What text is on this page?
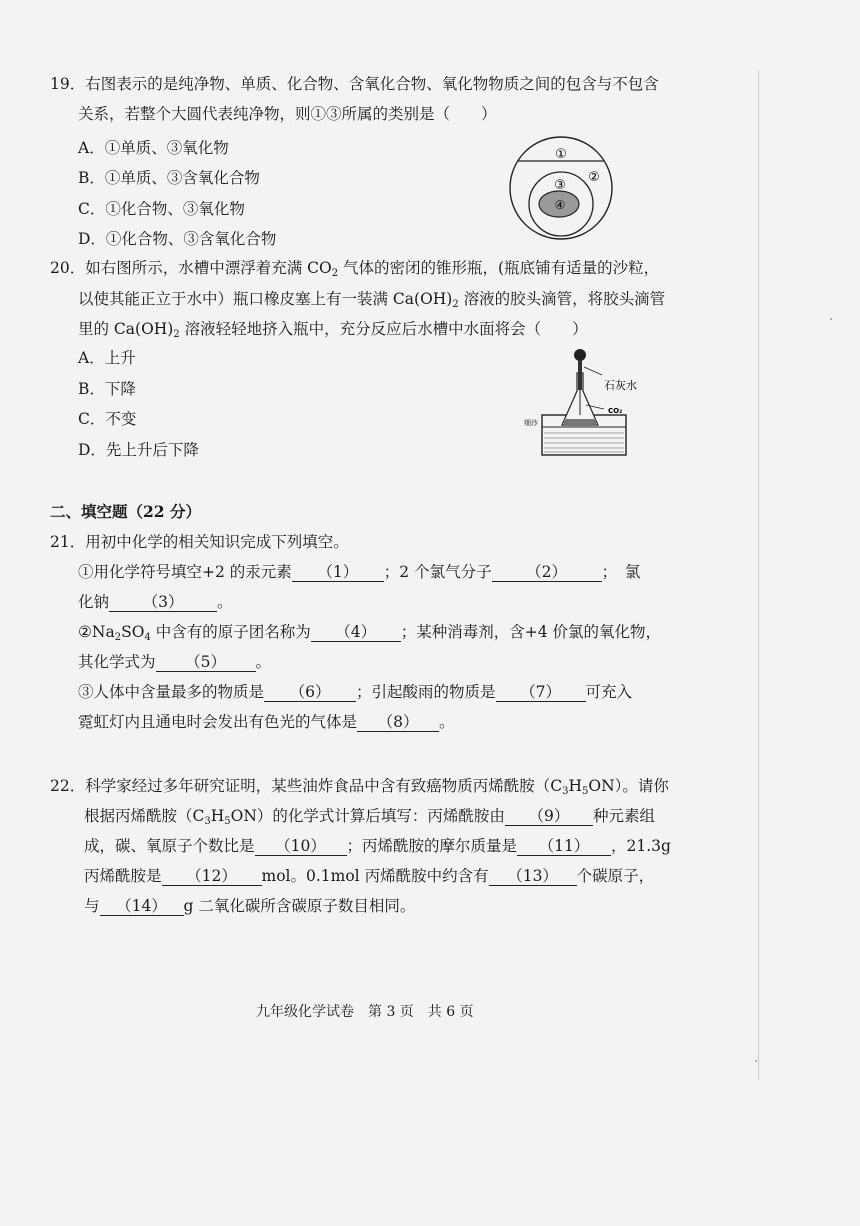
19．右图表示的是纯净物、单质、化合物、含氧化合物、氧化物物质之间的包含与不包含
关系，若整个大圆代表纯净物，则①③所属的类别是（　　）
A．①单质、③氧化物
B．①单质、③含氧化合物
C．①化合物、③氧化物
D．①化合物、③含氧化合物
①
②
③
④
20．如右图所示，水槽中漂浮着充满 $CO_2$ 气体的密闭的锥形瓶，(瓶底铺有适量的沙粒，
以使其能正立于水中）瓶口橡皮塞上有一装满 $Ca(OH)_2$ 溶液的胶头滴管，将胶头滴管
里的 $Ca(OH)_2$ 溶液轻轻地挤入瓶中，充分反应后水槽中水面将会（　　）
A．上升
B．下降
C．不变
D．先上升后下降
石灰水
CO₂
细沙
二、填空题（22 分）
21．用初中化学的相关知识完成下列填空。
①用化学符号填空+2 的汞元素 （1） ；2 个氯气分子 （2） ；　氯
化钠 （3） 。
$②Na_2SO_4$ 中含有的原子团名称为 （4） ；某种消毒剂，含+4 价氯的氧化物，
其化学式为 （5） 。
③人体中含量最多的物质是 （6） ；引起酸雨的物质是 （7） 可充入
霓虹灯内且通电时会发出有色光的气体是 （8） 。
22．科学家经过多年研究证明，某些油炸食品中含有致癌物质丙烯酰胺$(C_3H_5ON)$。请你
根据丙烯酰胺$(C_3H_5ON)$的化学式计算后填写：丙烯酰胺由 （9） 种元素组
成，碳、氧原子个数比是 （10） ；丙烯酰胺的摩尔质量是 （11） ，21.3g
丙烯酰胺是 （12） mol。0.1mol 丙烯酰胺中约含有 （13） 个碳原子，
与 （14） g 二氧化碳所含碳原子数目相同。
九年级化学试卷　第 3 页　共 6 页
